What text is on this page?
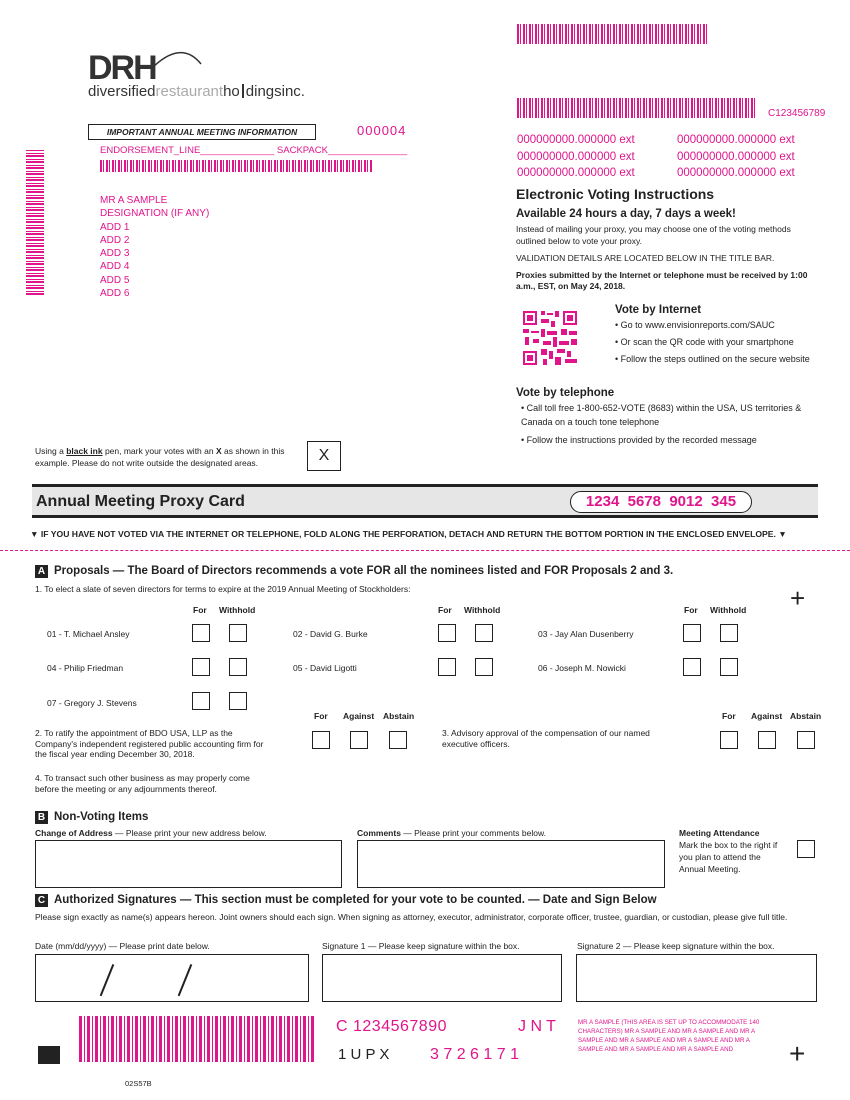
C123456789
DRH
diversifiedrestaurantho dingsinc.
IMPORTANT ANNUAL MEETING INFORMATION	000004
ENDORSEMENT_LINE______________ SACKPACK_______________
MR A SAMPLE
DESIGNATION (IF ANY)
ADD 1
ADD 2
ADD 3
ADD 4
ADD 5
ADD 6
000000000.000000 ext
000000000.000000 ext
000000000.000000 ext
000000000.000000 ext
000000000.000000 ext
000000000.000000 ext
Electronic Voting Instructions
Available 24 hours a day, 7 days a week!
Instead of mailing your proxy, you may choose one of the voting methods outlined below to vote your proxy.
VALIDATION DETAILS ARE LOCATED BELOW IN THE TITLE BAR.
Proxies submitted by the Internet or telephone must be received by 1:00 a.m., EST, on May 24, 2018.
Vote by Internet
• Go to www.envisionreports.com/SAUC
• Or scan the QR code with your smartphone
• Follow the steps outlined on the secure website
Vote by telephone
• Call toll free 1-800-652-VOTE (8683) within the USA, US territories & Canada on a touch tone telephone
• Follow the instructions provided by the recorded message
Using a black ink pen, mark your votes with an X as shown in this example. Please do not write outside the designated areas.	X
Annual Meeting Proxy Card	1234  5678  9012  345
▼ IF YOU HAVE NOT VOTED VIA THE INTERNET OR TELEPHONE, FOLD ALONG THE PERFORATION, DETACH AND RETURN THE BOTTOM PORTION IN THE ENCLOSED ENVELOPE. ▼
A Proposals — The Board of Directors recommends a vote FOR all the nominees listed and FOR Proposals 2 and 3.
1. To elect a slate of seven directors for terms to expire at the 2019 Annual Meeting of Stockholders:	+
For Withhold	For Withhold	For Withhold
01 - T. Michael Ansley	02 - David G. Burke	03 - Jay Alan Dusenberry
04 - Philip Friedman	05 - David Ligotti	06 - Joseph M. Nowicki
07 - Gregory J. Stevens
For Against Abstain	For Against Abstain
2. To ratify the appointment of BDO USA, LLP as the Company's independent registered public accounting firm for the fiscal year ending December 30, 2018.
3. Advisory approval of the compensation of our named executive officers.
4. To transact such other business as may properly come before the meeting or any adjournments thereof.
B Non-Voting Items
Change of Address — Please print your new address below.	Comments — Please print your comments below.	Meeting Attendance
Mark the box to the right if you plan to attend the Annual Meeting.
C Authorized Signatures — This section must be completed for your vote to be counted. — Date and Sign Below
Please sign exactly as name(s) appears hereon. Joint owners should each sign. When signing as attorney, executor, administrator, corporate officer, trustee, guardian, or custodian, please give full title.
Date (mm/dd/yyyy) — Please print date below.	Signature 1 — Please keep signature within the box.	Signature 2 — Please keep signature within the box.
C 1234567890	J N T
1 U P X	3 7 2 6 1 7 1
MR A SAMPLE (THIS AREA IS SET UP TO ACCOMMODATE 140 CHARACTERS) MR A SAMPLE AND MR A SAMPLE AND MR A SAMPLE AND MR A SAMPLE AND MR A SAMPLE AND MR A SAMPLE AND MR A SAMPLE AND MR A SAMPLE AND	+
02S57B
